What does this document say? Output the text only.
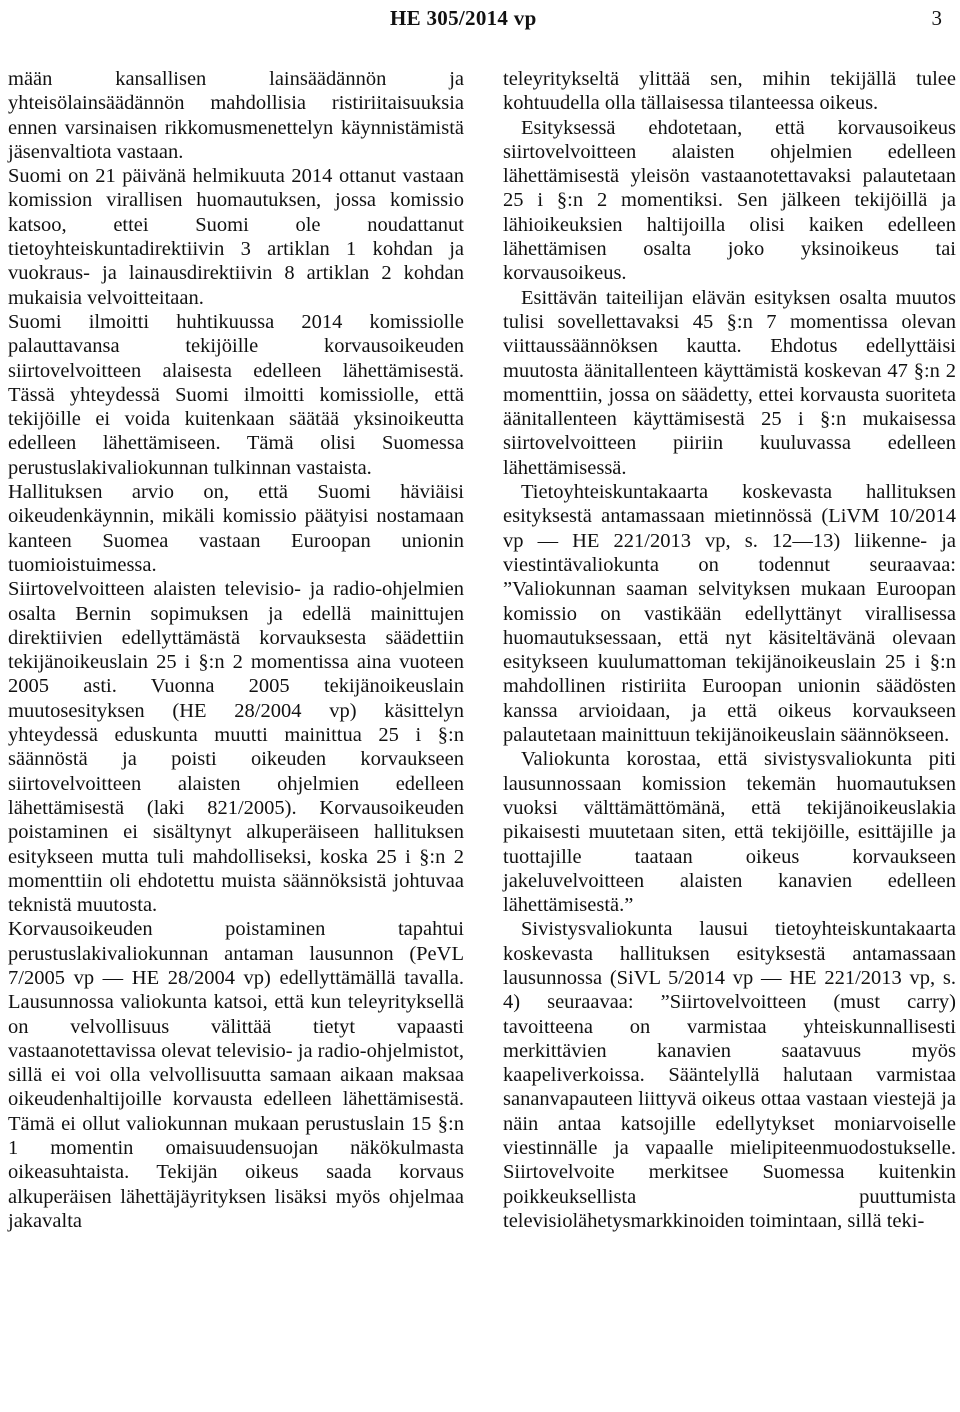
HE 305/2014 vp	3

mään kansallisen lainsäädännön ja yhteisölainsäädännön mahdollisia ristiriitaisuuksia ennen varsinaisen rikkomusmenettelyn käynnistämistä jäsenvaltiota vastaan.

Suomi on 21 päivänä helmikuuta 2014 ottanut vastaan komission virallisen huomautuksen, jossa komissio katsoo, ettei Suomi ole noudattanut tietoyhteiskuntadirektiivin 3 artiklan 1 kohdan ja vuokraus- ja lainausdirektiivin 8 artiklan 2 kohdan mukaisia velvoitteitaan.

Suomi ilmoitti huhtikuussa 2014 komissiolle palauttavansa tekijöille korvausoikeuden siirtovelvoitteen alaisesta edelleen lähettämisestä. Tässä yhteydessä Suomi ilmoitti komissiolle, että tekijöille ei voida kuitenkaan säätää yksinoikeutta edelleen lähettämiseen. Tämä olisi Suomessa perustuslakivaliokunnan tulkinnan vastaista.

Hallituksen arvio on, että Suomi häviäisi oikeudenkäynnin, mikäli komissio päätyisi nostamaan kanteen Suomea vastaan Euroopan unionin tuomioistuimessa.

Siirtovelvoitteen alaisten televisio- ja radio-ohjelmien osalta Bernin sopimuksen ja edellä mainittujen direktiivien edellyttämästä korvauksesta säädettiin tekijänoikeuslain 25 i §:n 2 momentissa aina vuoteen 2005 asti. Vuonna 2005 tekijänoikeuslain muutosesityksen (HE 28/2004 vp) käsittelyn yhteydessä eduskunta muutti mainittua 25 i §:n säännöstä ja poisti oikeuden korvaukseen siirtovelvoitteen alaisten ohjelmien edelleen lähettämisestä (laki 821/2005). Korvausoikeuden poistaminen ei sisältynyt alkuperäiseen hallituksen esitykseen mutta tuli mahdolliseksi, koska 25 i §:n 2 momenttiin oli ehdotettu muista säännöksistä johtuvaa teknistä muutosta.

Korvausoikeuden poistaminen tapahtui perustuslakivaliokunnan antaman lausunnon (PeVL 7/2005 vp — HE 28/2004 vp) edellyttämällä tavalla. Lausunnossa valiokunta katsoi, että kun teleyrityksellä on velvollisuus välittää tietyt vapaasti vastaanotettavissa olevat televisio- ja radio-ohjelmistot, sillä ei voi olla velvollisuutta samaan aikaan maksaa oikeudenhaltijoille korvausta edelleen lähettämisestä. Tämä ei ollut valiokunnan mukaan perustuslain 15 §:n 1 momentin omaisuudensuojan näkökulmasta oikeasuhtaista. Tekijän oikeus saada korvaus alkuperäisen lähettäjäyrityksen lisäksi myös ohjelmaa jakavalta

teleyritykseltä ylittää sen, mihin tekijällä tulee kohtuudella olla tällaisessa tilanteessa oikeus.

Esityksessä ehdotetaan, että korvausoikeus siirtovelvoitteen alaisten ohjelmien edelleen lähettämisestä yleisön vastaanotettavaksi palautetaan 25 i §:n 2 momentiksi. Sen jälkeen tekijöillä ja lähioikeuksien haltijoilla olisi kaiken edelleen lähettämisen osalta joko yksinoikeus tai korvausoikeus.

Esittävän taiteilijan elävän esityksen osalta muutos tulisi sovellettavaksi 45 §:n 7 momentissa olevan viittaussäännöksen kautta. Ehdotus edellyttäisi muutosta äänitallenteen käyttämistä koskevan 47 §:n 2 momenttiin, jossa on säädetty, ettei korvausta suoriteta äänitallenteen käyttämisestä 25 i §:n mukaisessa siirtovelvoitteen piiriin kuuluvassa edelleen lähettämisessä.

Tietoyhteiskuntakaarta koskevasta hallituksen esityksestä antamassaan mietinnössä (LiVM 10/2014 vp — HE 221/2013 vp, s. 12—13) liikenne- ja viestintävaliokunta on todennut seuraavaa: ”Valiokunnan saaman selvityksen mukaan Euroopan komissio on vastikään edellyttänyt virallisessa huomautuksessaan, että nyt käsiteltävänä olevaan esitykseen kuulumattoman tekijänoikeuslain 25 i §:n mahdollinen ristiriita Euroopan unionin säädösten kanssa arvioidaan, ja että oikeus korvaukseen palautetaan mainittuun tekijänoikeuslain säännökseen.

Valiokunta korostaa, että sivistysvaliokunta piti lausunnossaan komission tekemän huomautuksen vuoksi välttämättömänä, että tekijänoikeuslakia pikaisesti muutetaan siten, että tekijöille, esittäjille ja tuottajille taataan oikeus korvaukseen jakeluvelvoitteen alaisten kanavien edelleen lähettämisestä.”

Sivistysvaliokunta lausui tietoyhteiskuntakaarta koskevasta hallituksen esityksestä antamassaan lausunnossa (SiVL 5/2014 vp — HE 221/2013 vp, s. 4) seuraavaa: ”Siirtovelvoitteen (must carry) tavoitteena on varmistaa yhteiskunnallisesti merkittävien kanavien saatavuus myös kaapeliverkoissa. Sääntelyllä halutaan varmistaa sananvapauteen liittyvä oikeus ottaa vastaan viestejä ja näin antaa katsojille edellytykset moniarvoiselle viestinnälle ja vapaalle mielipiteenmuodostukselle. Siirtovelvoite merkitsee Suomessa kuitenkin poikkeuksellista puuttumista televisiolähetysmarkkinoiden toimintaan, sillä teki-
